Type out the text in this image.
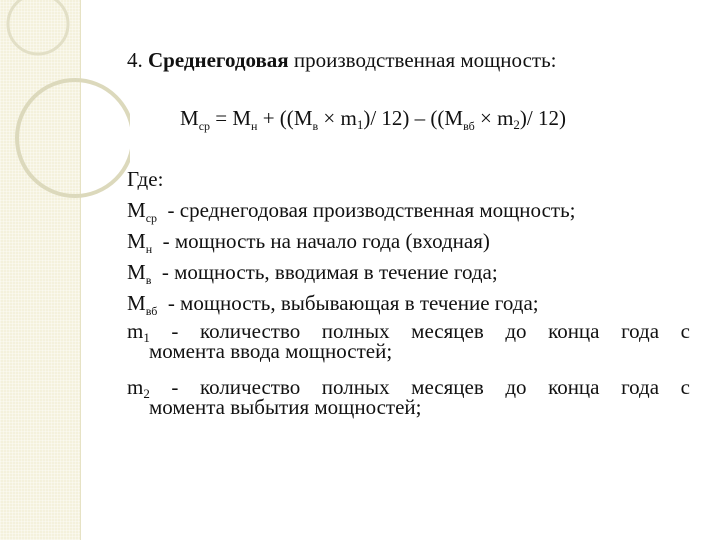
4. Среднегодовая производственная мощность:
$M_{ср} = M_н + ((M_в \times m1)/$ $12) - ((M_{вб} \times m2)/$ 12)
Где:
$M_{ср}$ - среднегодовая производственная мощность;
$M_н$ - мощность на начало года (входная)
$M_в$ - мощность, вводимая в течение года;
$M_{вб}$ - мощность, выбывающая в течение года;
m1 - количество полных месяцев до конца года с
момента ввода мощностей;
m2 - количество полных месяцев до конца года с
момента выбытия мощностей;
